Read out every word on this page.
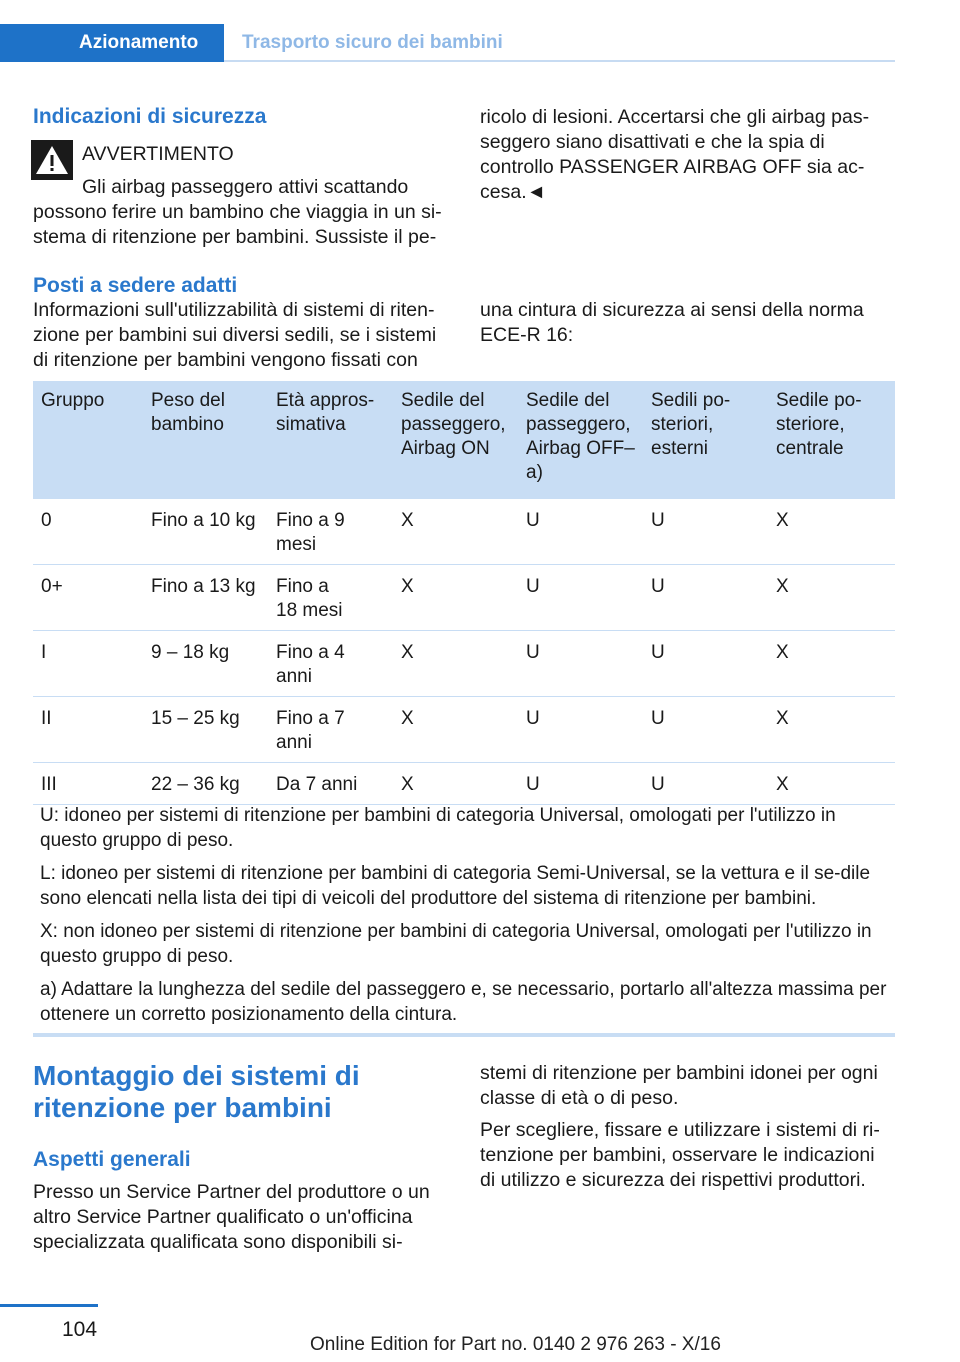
Azionamento	Trasporto sicuro dei bambini
Indicazioni di sicurezza
AVVERTIMENTO
Gli airbag passeggero attivi scattando possono ferire un bambino che viaggia in un si-stema di ritenzione per bambini. Sussiste il pe-
ricolo di lesioni. Accertarsi che gli airbag pas-seggero siano disattivati e che la spia di controllo PASSENGER AIRBAG OFF sia ac-cesa.◄
Posti a sedere adatti
Informazioni sull'utilizzabilità di sistemi di riten-zione per bambini sui diversi sedili, se i sistemi di ritenzione per bambini vengono fissati con
una cintura di sicurezza ai sensi della norma ECE-R 16:
Gruppo	Peso del bambino	Età appros-simativa	Sedile del passeggero, Airbag ON	Sedile del passeggero, Airbag OFF– a)	Sedili po-steriori, esterni	Sedile po-steriore, centrale
0	Fino a 10 kg	Fino a 9 mesi	X	U	U	X
0+	Fino a 13 kg	Fino a 18 mesi	X	U	U	X
I	9 – 18 kg	Fino a 4 anni	X	U	U	X
II	15 – 25 kg	Fino a 7 anni	X	U	U	X
III	22 – 36 kg	Da 7 anni	X	U	U	X

U: idoneo per sistemi di ritenzione per bambini di categoria Universal, omologati per l'utilizzo in questo gruppo di peso.

L: idoneo per sistemi di ritenzione per bambini di categoria Semi-Universal, se la vettura e il se-dile sono elencati nella lista dei tipi di veicoli del produttore del sistema di ritenzione per bambini.

X: non idoneo per sistemi di ritenzione per bambini di categoria Universal, omologati per l'utilizzo in questo gruppo di peso.

a) Adattare la lunghezza del sedile del passeggero e, se necessario, portarlo all'altezza massima per ottenere un corretto posizionamento della cintura.

Montaggio dei sistemi di ritenzione per bambini
Aspetti generali
Presso un Service Partner del produttore o un altro Service Partner qualificato o un'officina specializzata qualificata sono disponibili si-
stemi di ritenzione per bambini idonei per ogni classe di età o di peso.
Per scegliere, fissare e utilizzare i sistemi di ri-tenzione per bambini, osservare le indicazioni di utilizzo e sicurezza dei rispettivi produttori.
104
Online Edition for Part no. 0140 2 976 263 - X/16
